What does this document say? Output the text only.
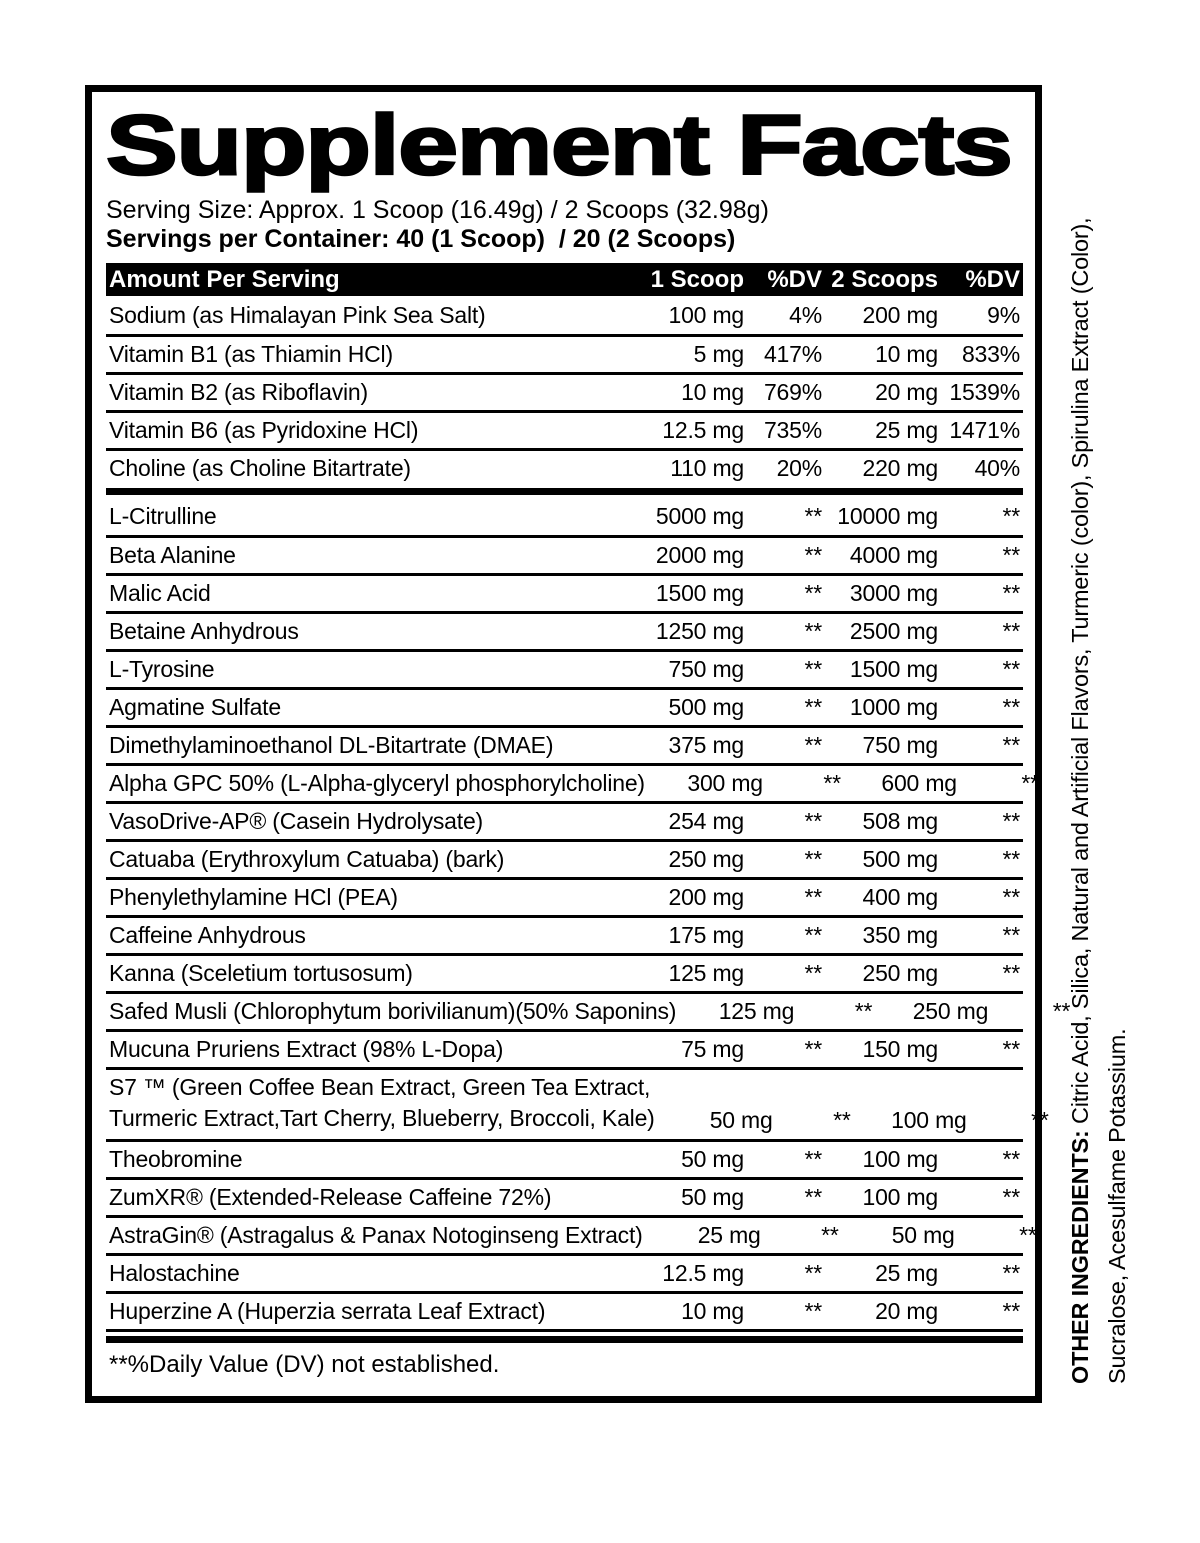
Supplement Facts
Serving Size: Approx. 1 Scoop (16.49g) / 2 Scoops (32.98g)
Servings per Container: 40 (1 Scoop)  / 20 (2 Scoops)
Amount Per Serving	1 Scoop %DV 2 Scoops	%DV
Sodium (as Himalayan Pink Sea Salt)	100 mg	4%	200 mg	9%
Vitamin B1 (as Thiamin HCl)	5 mg 417%	10 mg	833%
Vitamin B2 (as Riboflavin)	10 mg 769%	20 mg 1539%
Vitamin B6 (as Pyridoxine HCl)	12.5 mg 735%	25 mg 1471%
Choline (as Choline Bitartrate)	110 mg	20%	220 mg	40%
L-Citrulline	5000 mg	** 10000 mg	**
Beta Alanine	2000 mg	**	4000 mg	**
Malic Acid	1500 mg	**	3000 mg	**
Betaine Anhydrous	1250 mg	**	2500 mg	**
L-Tyrosine	750 mg	**	1500 mg	**
Agmatine Sulfate	500 mg	**	1000 mg	**
Dimethylaminoethanol DL-Bitartrate (DMAE)	375 mg	**	750 mg	**
Alpha GPC 50% (L-Alpha-glyceryl phosphorylcholine)	300 mg	**	600 mg	**
VasoDrive-AP® (Casein Hydrolysate)	254 mg	**	508 mg	**
Catuaba (Erythroxylum Catuaba) (bark)	250 mg	**	500 mg	**
Phenylethylamine HCl (PEA)	200 mg	**	400 mg	**
Caffeine Anhydrous	175 mg	**	350 mg	**
Kanna (Sceletium tortusosum)	125 mg	**	250 mg	**
Safed Musli (Chlorophytum borivilianum)(50% Saponins)	125 mg	**	250 mg	**
Mucuna Pruriens Extract (98% L-Dopa)	75 mg	**	150 mg	**
S7 ™ (Green Coffee Bean Extract, Green Tea Extract,
Turmeric Extract,Tart Cherry, Blueberry, Broccoli, Kale)	50 mg	**	100 mg	**
Theobromine	50 mg	**	100 mg	**
ZumXR® (Extended-Release Caffeine 72%)	50 mg	**	100 mg	**
AstraGin® (Astragalus & Panax Notoginseng Extract)	25 mg	**	50 mg	**
Halostachine	12.5 mg	**	25 mg	**
Huperzine A (Huperzia serrata Leaf Extract)	10 mg	**	20 mg	**
**%Daily Value (DV) not established.	OTHER INGREDIENTS: Citric Acid, Silica, Natural and Artificial Flavors, Turmeric (color), Spirulina Extract (Color),
Sucralose, Acesulfame Potassium.
